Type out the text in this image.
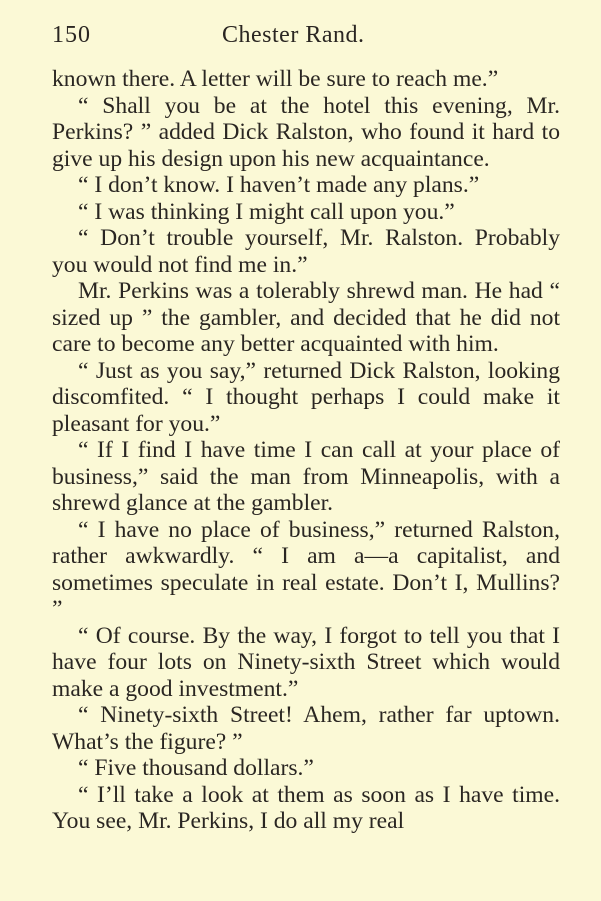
150	Chester Rand.

known there. A letter will be sure to reach me.”

“ Shall you be at the hotel this evening, Mr. Perkins? ” added Dick Ralston, who found it hard to give up his design upon his new acquaintance.

“ I don’t know. I haven’t made any plans.”

“ I was thinking I might call upon you.”

“ Don’t trouble yourself, Mr. Ralston. Probably you would not find me in.”

Mr. Perkins was a tolerably shrewd man. He had “ sized up ” the gambler, and decided that he did not care to become any better acquainted with him.

“ Just as you say,” returned Dick Ralston, looking discomfited. “ I thought perhaps I could make it pleasant for you.”

“ If I find I have time I can call at your place of business,” said the man from Minneapolis, with a shrewd glance at the gambler.

“ I have no place of business,” returned Ralston, rather awkwardly. “ I am a—a capitalist, and sometimes speculate in real estate. Don’t I, Mullins? ”

“ Of course. By the way, I forgot to tell you that I have four lots on Ninety-sixth Street which would make a good investment.”

“ Ninety-sixth Street! Ahem, rather far uptown. What’s the figure? ”

“ Five thousand dollars.”

“ I’ll take a look at them as soon as I have time. You see, Mr. Perkins, I do all my real
